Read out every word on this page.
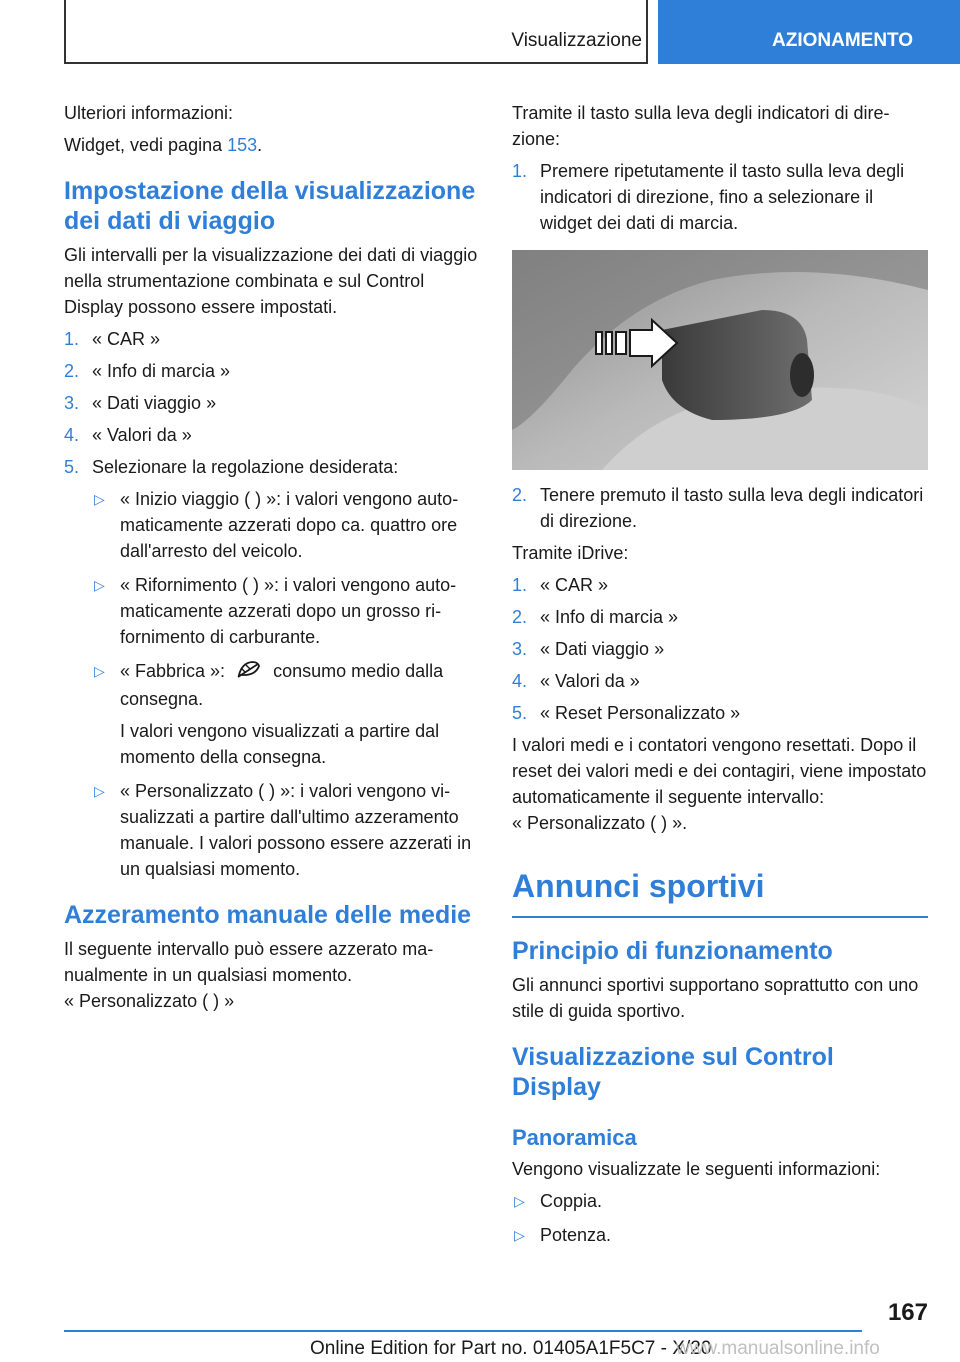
Visualizzazione	AZIONAMENTO

Ulteriori informazioni:

Widget, vedi pagina 153.

Impostazione della visualizzazione dei dati di viaggio

Gli intervalli per la visualizzazione dei dati di viaggio nella strumentazione combinata e sul Control Display possono essere impostati.

1. « CAR »
2. « Info di marcia »
3. « Dati viaggio »
4. « Valori da »
5. Selezionare la regolazione desiderata:
▷ « Inizio viaggio ( ) »: i valori vengono automaticamente azzerati dopo ca. quattro ore dall'arresto del veicolo.
▷ « Rifornimento ( ) »: i valori vengono automaticamente azzerati dopo un grosso rifornimento di carburante.
▷ « Fabbrica »:	consumo medio dalla consegna.
I valori vengono visualizzati a partire dal momento della consegna.
▷ « Personalizzato ( ) »: i valori vengono visualizzati a partire dall'ultimo azzeramento manuale. I valori possono essere azzerati in un qualsiasi momento.
Azzeramento manuale delle medie

Il seguente intervallo può essere azzerato manualmente in un qualsiasi momento.

« Personalizzato ( ) »

Tramite il tasto sulla leva degli indicatori di direzione:

1. Premere ripetutamente il tasto sulla leva degli indicatori di direzione, fino a selezionare il widget dei dati di marcia.
2. Tenere premuto il tasto sulla leva degli indicatori di direzione.

Tramite iDrive:

1. « CAR »
2. « Info di marcia »
3. « Dati viaggio »
4. « Valori da »
5. « Reset Personalizzato »

I valori medi e i contatori vengono resettati. Dopo il reset dei valori medi e dei contagiri, viene impostato automaticamente il seguente intervallo:

« Personalizzato ( ) ».

Annunci sportivi
Principio di funzionamento

Gli annunci sportivi supportano soprattutto con uno stile di guida sportivo.

Visualizzazione sul Control Display
Panoramica

Vengono visualizzate le seguenti informazioni:

▷ Coppia.
▷ Potenza.
167
Online Edition for Part no. 01405A1F5C7 - X/20
www.manualsonline.info
